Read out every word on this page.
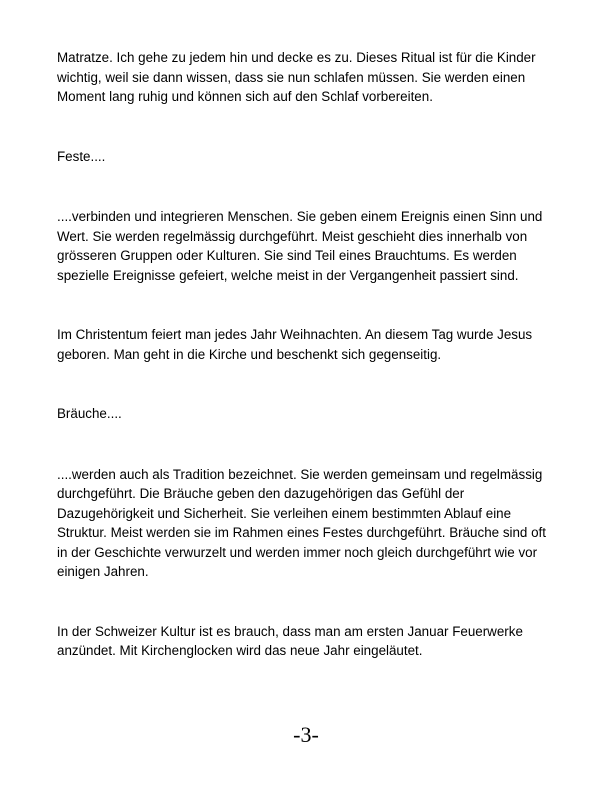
Matratze. Ich gehe zu jedem hin und decke es zu. Dieses Ritual ist für die Kinder wichtig, weil sie dann wissen, dass sie nun schlafen müssen. Sie werden einen Moment lang ruhig und können sich auf den Schlaf vorbereiten.

Feste....

....verbinden und integrieren Menschen. Sie geben einem Ereignis einen Sinn und Wert. Sie werden regelmässig durchgeführt. Meist geschieht dies innerhalb von grösseren Gruppen oder Kulturen. Sie sind Teil eines Brauchtums. Es werden spezielle Ereignisse gefeiert, welche meist in der Vergangenheit passiert sind.

Im Christentum feiert man jedes Jahr Weihnachten. An diesem Tag wurde Jesus geboren. Man geht in die Kirche und beschenkt sich gegenseitig.

Bräuche....

....werden auch als Tradition bezeichnet. Sie werden gemeinsam und regelmässig durchgeführt. Die Bräuche geben den dazugehörigen das Gefühl der Dazugehörigkeit und Sicherheit. Sie verleihen einem bestimmten Ablauf eine Struktur. Meist werden sie im Rahmen eines Festes durchgeführt. Bräuche sind oft in der Geschichte verwurzelt und werden immer noch gleich durchgeführt wie vor einigen Jahren.

In der Schweizer Kultur ist es brauch, dass man am ersten Januar Feuerwerke anzündet. Mit Kirchenglocken wird das neue Jahr eingeläutet.

-3-
